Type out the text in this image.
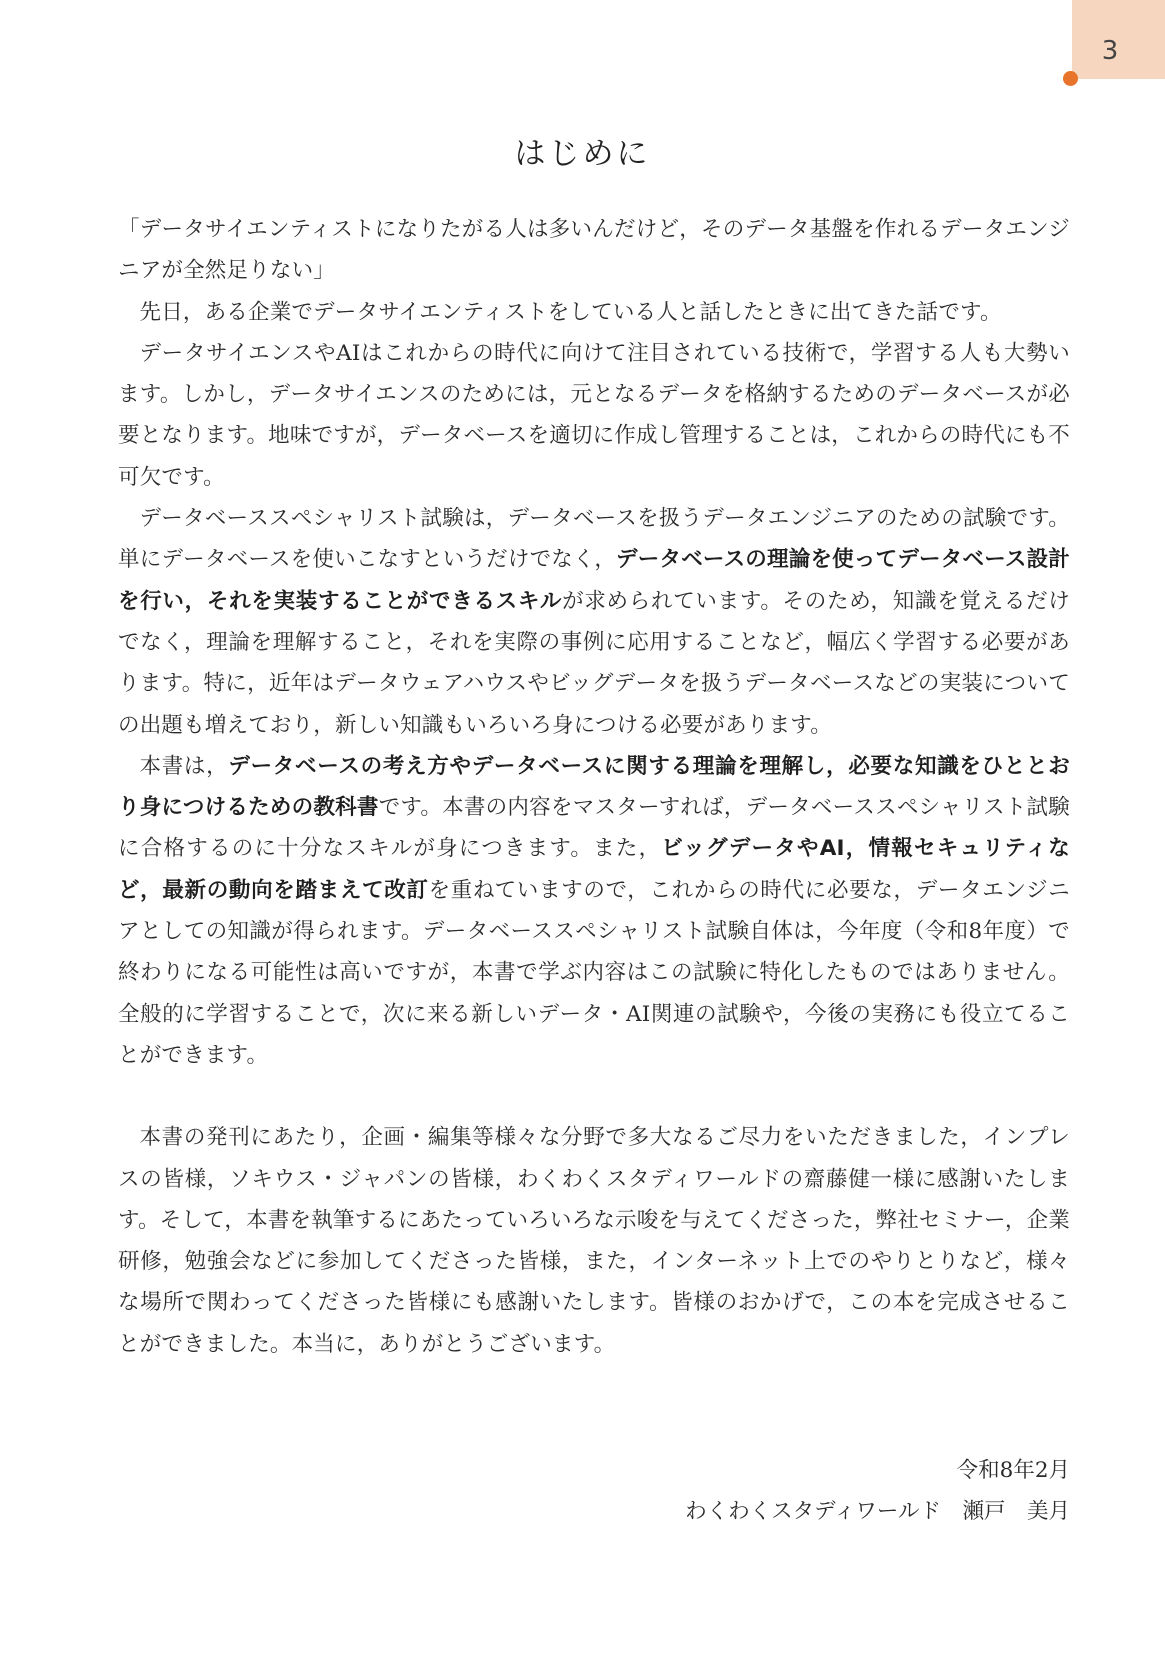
3
はじめに

「データサイエンティストになりたがる人は多いんだけど，そのデータ基盤を作れるデータエンジニアが全然足りない」

先日，ある企業でデータサイエンティストをしている人と話したときに出てきた話です。

データサイエンスやAIはこれからの時代に向けて注目されている技術で，学習する人も大勢います。しかし，データサイエンスのためには，元となるデータを格納するためのデータベースが必要となります。地味ですが，データベースを適切に作成し管理することは，これからの時代にも不可欠です。

データベーススペシャリスト試験は，データベースを扱うデータエンジニアのための試験です。単にデータベースを使いこなすというだけでなく，データベースの理論を使ってデータベース設計を行い，それを実装することができるスキルが求められています。そのため，知識を覚えるだけでなく，理論を理解すること，それを実際の事例に応用することなど，幅広く学習する必要があります。特に，近年はデータウェアハウスやビッグデータを扱うデータベースなどの実装についての出題も増えており，新しい知識もいろいろ身につける必要があります。

本書は，データベースの考え方やデータベースに関する理論を理解し，必要な知識をひととおり身につけるための教科書です。本書の内容をマスターすれば，データベーススペシャリスト試験に合格するのに十分なスキルが身につきます。また，ビッグデータやAI，情報セキュリティなど，最新の動向を踏まえて改訂を重ねていますので，これからの時代に必要な，データエンジニアとしての知識が得られます。データベーススペシャリスト試験自体は，今年度（令和8年度）で終わりになる可能性は高いですが，本書で学ぶ内容はこの試験に特化したものではありません。全般的に学習することで，次に来る新しいデータ・AI関連の試験や，今後の実務にも役立てることができます。

本書の発刊にあたり，企画・編集等様々な分野で多大なるご尽力をいただきました，インプレスの皆様，ソキウス・ジャパンの皆様，わくわくスタディワールドの齋藤健一様に感謝いたします。そして，本書を執筆するにあたっていろいろな示唆を与えてくださった，弊社セミナー，企業研修，勉強会などに参加してくださった皆様，また，インターネット上でのやりとりなど，様々な場所で関わってくださった皆様にも感謝いたします。皆様のおかげで，この本を完成させることができました。本当に，ありがとうございます。

令和8年2月
わくわくスタディワールド　瀬戸　美月
